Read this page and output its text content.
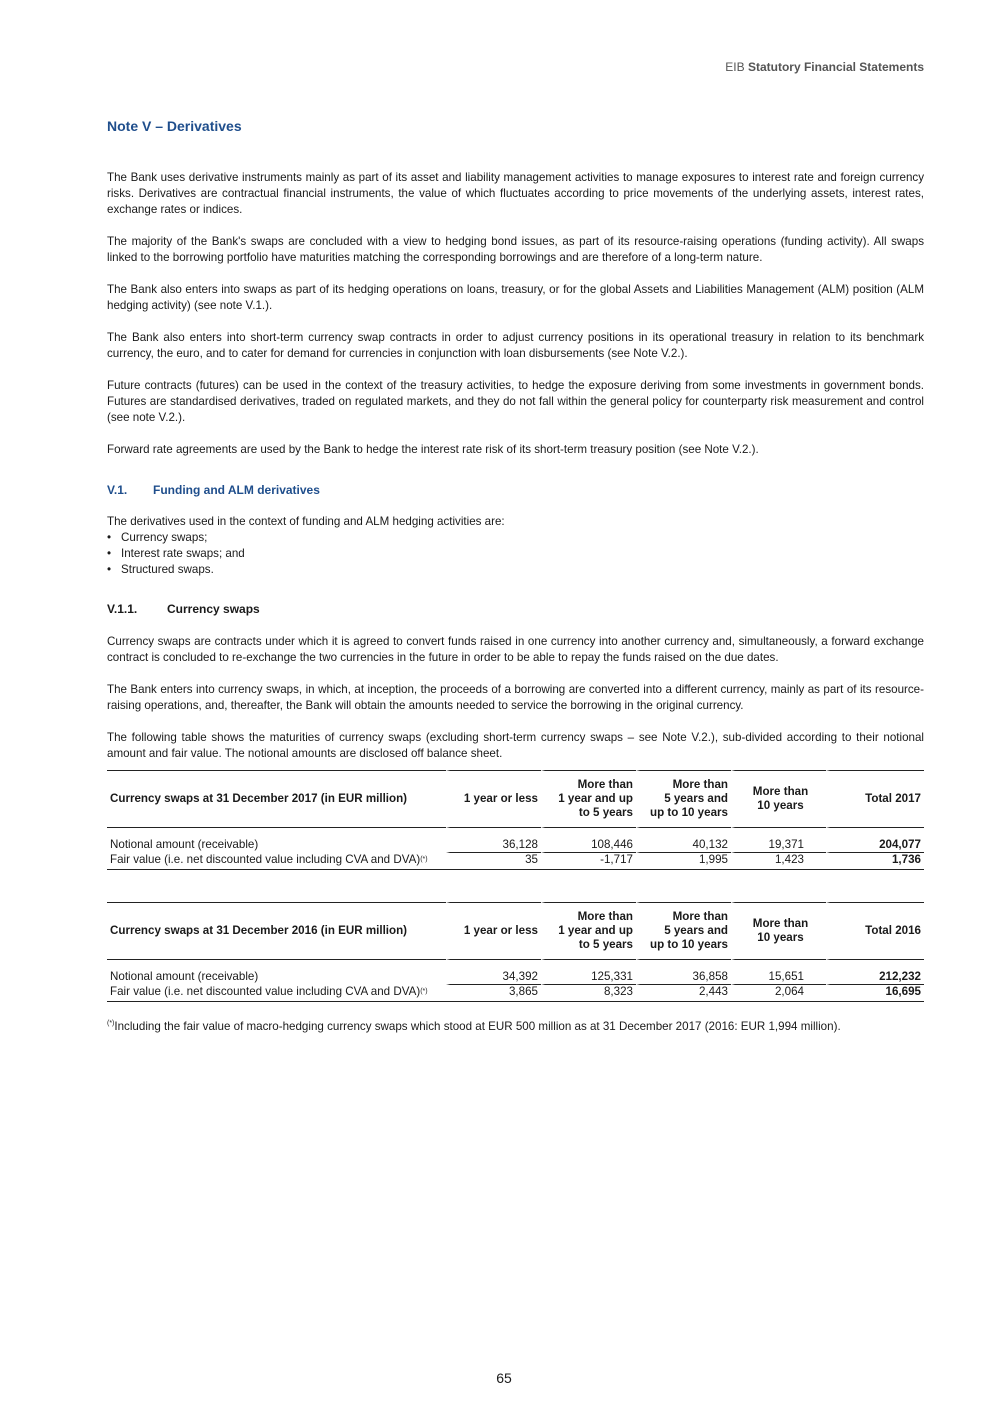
EIB Statutory Financial Statements
Note V – Derivatives

The Bank uses derivative instruments mainly as part of its asset and liability management activities to manage exposures to interest rate and foreign currency risks. Derivatives are contractual financial instruments, the value of which fluctuates according to price movements of the underlying assets, interest rates, exchange rates or indices.

The majority of the Bank's swaps are concluded with a view to hedging bond issues, as part of its resource-raising operations (funding activity). All swaps linked to the borrowing portfolio have maturities matching the corresponding borrowings and are therefore of a long-term nature.

The Bank also enters into swaps as part of its hedging operations on loans, treasury, or for the global Assets and Liabilities Management (ALM) position (ALM hedging activity) (see note V.1.).

The Bank also enters into short-term currency swap contracts in order to adjust currency positions in its operational treasury in relation to its benchmark currency, the euro, and to cater for demand for currencies in conjunction with loan disbursements (see Note V.2.).

Future contracts (futures) can be used in the context of the treasury activities, to hedge the exposure deriving from some investments in government bonds. Futures are standardised derivatives, traded on regulated markets, and they do not fall within the general policy for counterparty risk measurement and control (see note V.2.).

Forward rate agreements are used by the Bank to hedge the interest rate risk of its short-term treasury position (see Note V.2.).

V.1. Funding and ALM derivatives

The derivatives used in the context of funding and ALM hedging activities are:

• Currency swaps;
• Interest rate swaps; and
• Structured swaps.
V.1.1. Currency swaps

Currency swaps are contracts under which it is agreed to convert funds raised in one currency into another currency and, simultaneously, a forward exchange contract is concluded to re-exchange the two currencies in the future in order to be able to repay the funds raised on the due dates.

The Bank enters into currency swaps, in which, at inception, the proceeds of a borrowing are converted into a different currency, mainly as part of its resource-raising operations, and, thereafter, the Bank will obtain the amounts needed to service the borrowing in the original currency.

The following table shows the maturities of currency swaps (excluding short-term currency swaps – see Note V.2.), sub-divided according to their notional amount and fair value. The notional amounts are disclosed off balance sheet.

Currency swaps at 31 December 2017 (in EUR million)	1 year or less	More than
1 year and up
to 5 years	More than
5 years and
up to 10 years	More than
10 years	Total 2017
Notional amount (receivable)	36,128	108,446	40,132	19,371	204,077
Fair value (i.e. net discounted value including CVA and DVA)(*)	35	-1,717	1,995	1,423	1,736
Currency swaps at 31 December 2016 (in EUR million)	1 year or less	More than
1 year and up
to 5 years	More than
5 years and
up to 10 years	More than
10 years	Total 2016
Notional amount (receivable)	34,392	125,331	36,858	15,651	212,232
Fair value (i.e. net discounted value including CVA and DVA)(*)	3,865	8,323	2,443	2,064	16,695
(*)Including the fair value of macro-hedging currency swaps which stood at EUR 500 million as at 31 December 2017 (2016: EUR 1,994 million).
65
